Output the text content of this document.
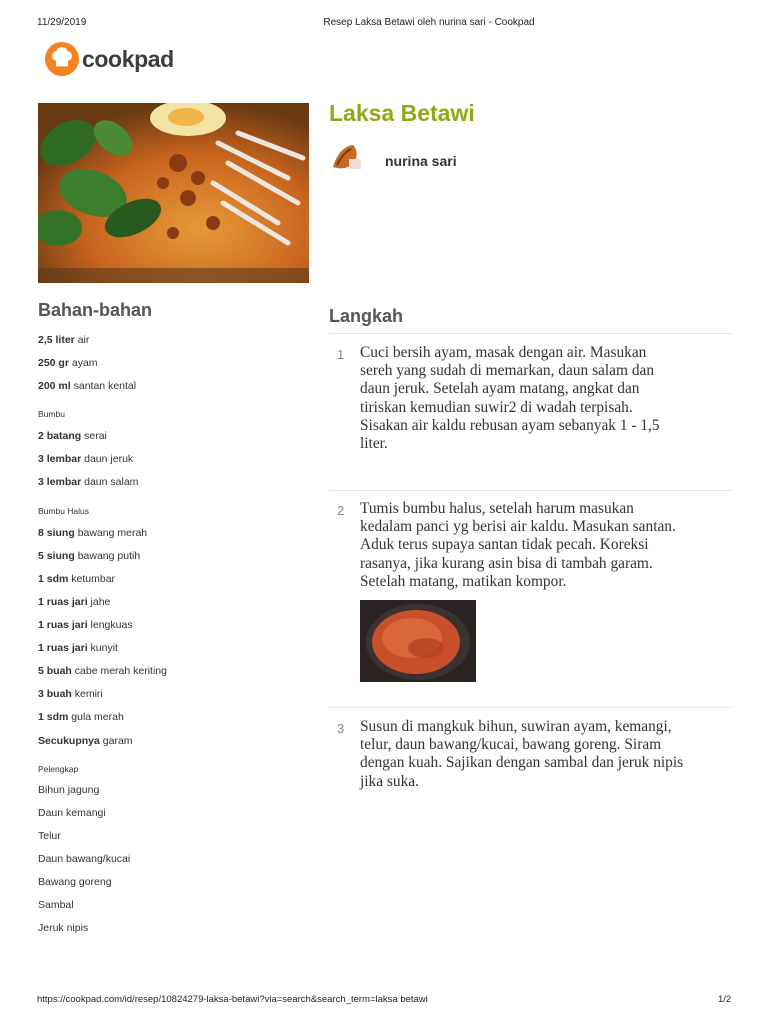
11/29/2019	Resep Laksa Betawi oleh nurina sari - Cookpad
cookpad
Laksa Betawi
nurina sari
Bahan-bahan
2,5 liter air
250 gr ayam
200 ml santan kental
Bumbu
2 batang serai
3 lembar daun jeruk
3 lembar daun salam
Bumbu Halus
8 siung bawang merah
5 siung bawang putih
1 sdm ketumbar
1 ruas jari jahe
1 ruas jari lengkuas
1 ruas jari kunyit
5 buah cabe merah keriting
3 buah kemiri
1 sdm gula merah
Secukupnya garam
Pelengkap
Bihun jagung
Daun kemangi
Telur
Daun bawang/kucai
Bawang goreng
Sambal
Jeruk nipis
Langkah
1 Cuci bersih ayam, masak dengan air. Masukan
sereh yang sudah di memarkan, daun salam dan
daun jeruk. Setelah ayam matang, angkat dan
tiriskan kemudian suwir2 di wadah terpisah.
Sisakan air kaldu rebusan ayam sebanyak 1 - 1,5
liter.
2 Tumis bumbu halus, setelah harum masukan
kedalam panci yg berisi air kaldu. Masukan santan.
Aduk terus supaya santan tidak pecah. Koreksi
rasanya, jika kurang asin bisa di tambah garam.
Setelah matang, matikan kompor.
3 Susun di mangkuk bihun, suwiran ayam, kemangi,
telur, daun bawang/kucai, bawang goreng. Siram
dengan kuah. Sajikan dengan sambal dan jeruk nipis
jika suka.
https://cookpad.com/id/resep/10824279-laksa-betawi?via=search&search_term=laksa betawi	1/2
